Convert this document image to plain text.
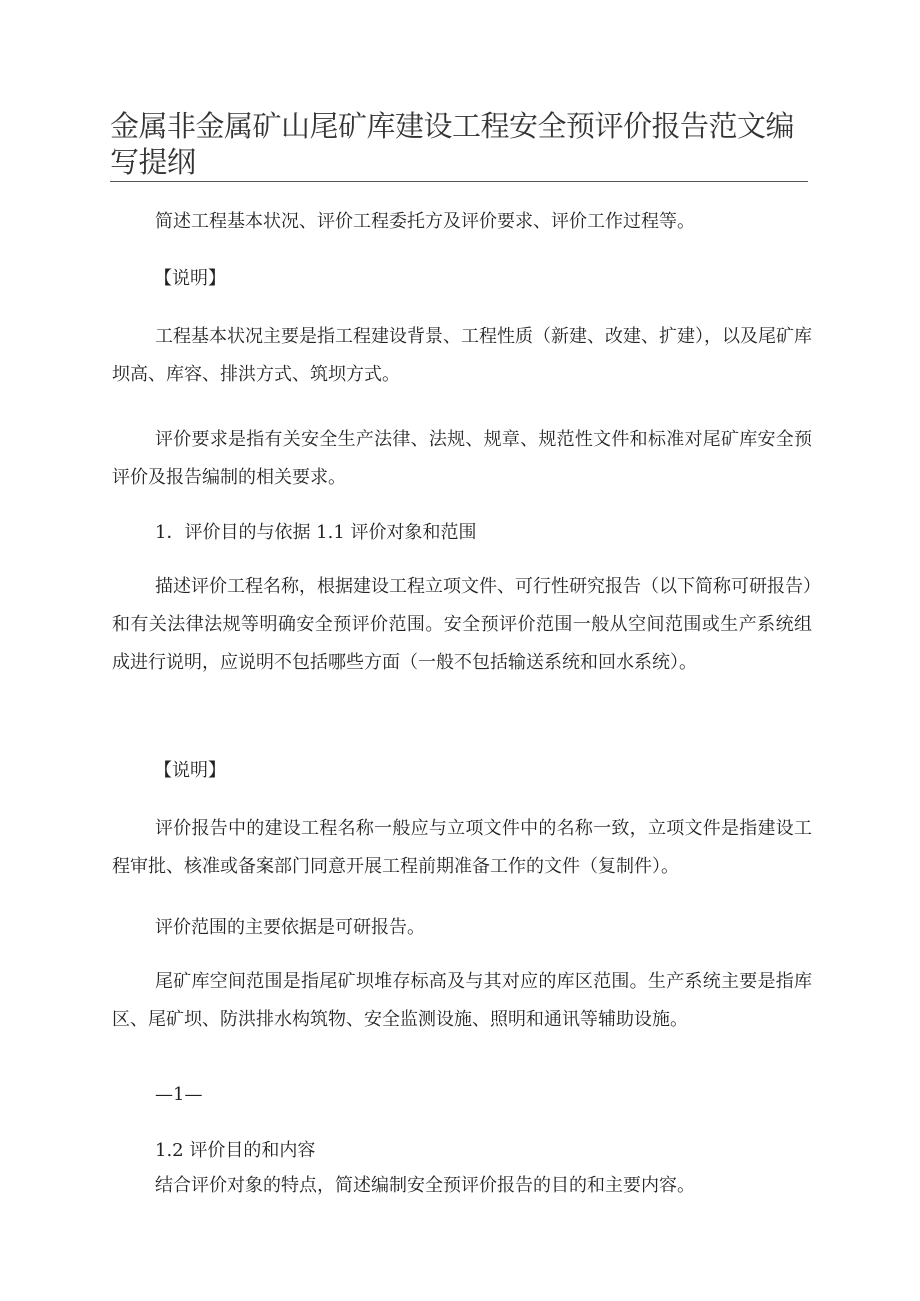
金属非金属矿山尾矿库建设工程安全预评价报告范文编写提纲
简述工程基本状况、评价工程委托方及评价要求、评价工作过程等。
【说明】
工程基本状况主要是指工程建设背景、工程性质（新建、改建、扩建），以及尾矿库坝高、库容、排洪方式、筑坝方式。
评价要求是指有关安全生产法律、法规、规章、规范性文件和标准对尾矿库安全预评价及报告编制的相关要求。
1．评价目的与依据 1.1 评价对象和范围
描述评价工程名称，根据建设工程立项文件、可行性研究报告（以下简称可研报告）和有关法律法规等明确安全预评价范围。安全预评价范围一般从空间范围或生产系统组成进行说明，应说明不包括哪些方面（一般不包括输送系统和回水系统）。
【说明】
评价报告中的建设工程名称一般应与立项文件中的名称一致，立项文件是指建设工程审批、核准或备案部门同意开展工程前期准备工作的文件（复制件）。
评价范围的主要依据是可研报告。
尾矿库空间范围是指尾矿坝堆存标高及与其对应的库区范围。生产系统主要是指库区、尾矿坝、防洪排水构筑物、安全监测设施、照明和通讯等辅助设施。
—1—
1.2 评价目的和内容
结合评价对象的特点，简述编制安全预评价报告的目的和主要内容。
